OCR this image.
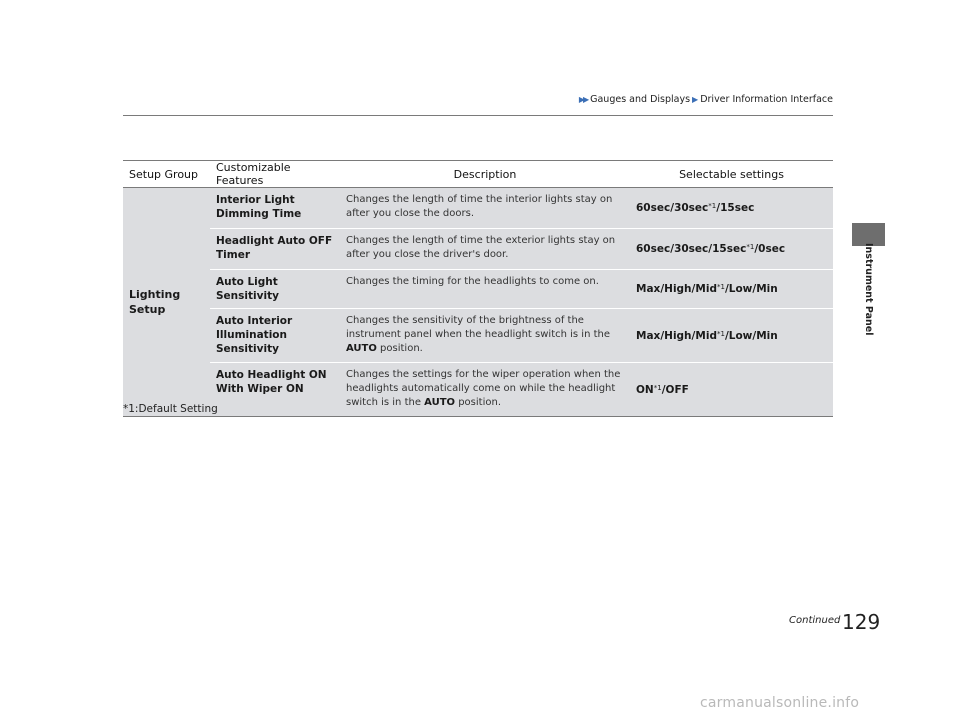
▶▶ Gauges and Displays ▶ Driver Information Interface
Instrument Panel
Setup Group	Customizable Features	Description	Selectable settings
Lighting Setup	Interior Light Dimming Time	Changes the length of time the interior lights stay on after you close the doors.	$60\sec/30\sec^{*1}/15\sec$
	Headlight Auto OFF Timer	Changes the length of time the exterior lights stay on after you close the driver's door.	$60\sec/30\sec/15\sec^{*1}/0\sec$
	Auto Light Sensitivity	Changes the timing for the headlights to come on.	Max/High/Mid$^{*1}$/Low/Min
	Auto Interior Illumination Sensitivity	Changes the sensitivity of the brightness of the instrument panel when the headlight switch is in the AUTO position.	Max/High/Mid$^{*1}$/Low/Min
	Auto Headlight ON With Wiper ON	Changes the settings for the wiper operation when the headlights automatically come on while the headlight switch is in the AUTO position.	ON$^{*1}$/OFF
*1:Default Setting
Continued 129
carmanualsonline.info
